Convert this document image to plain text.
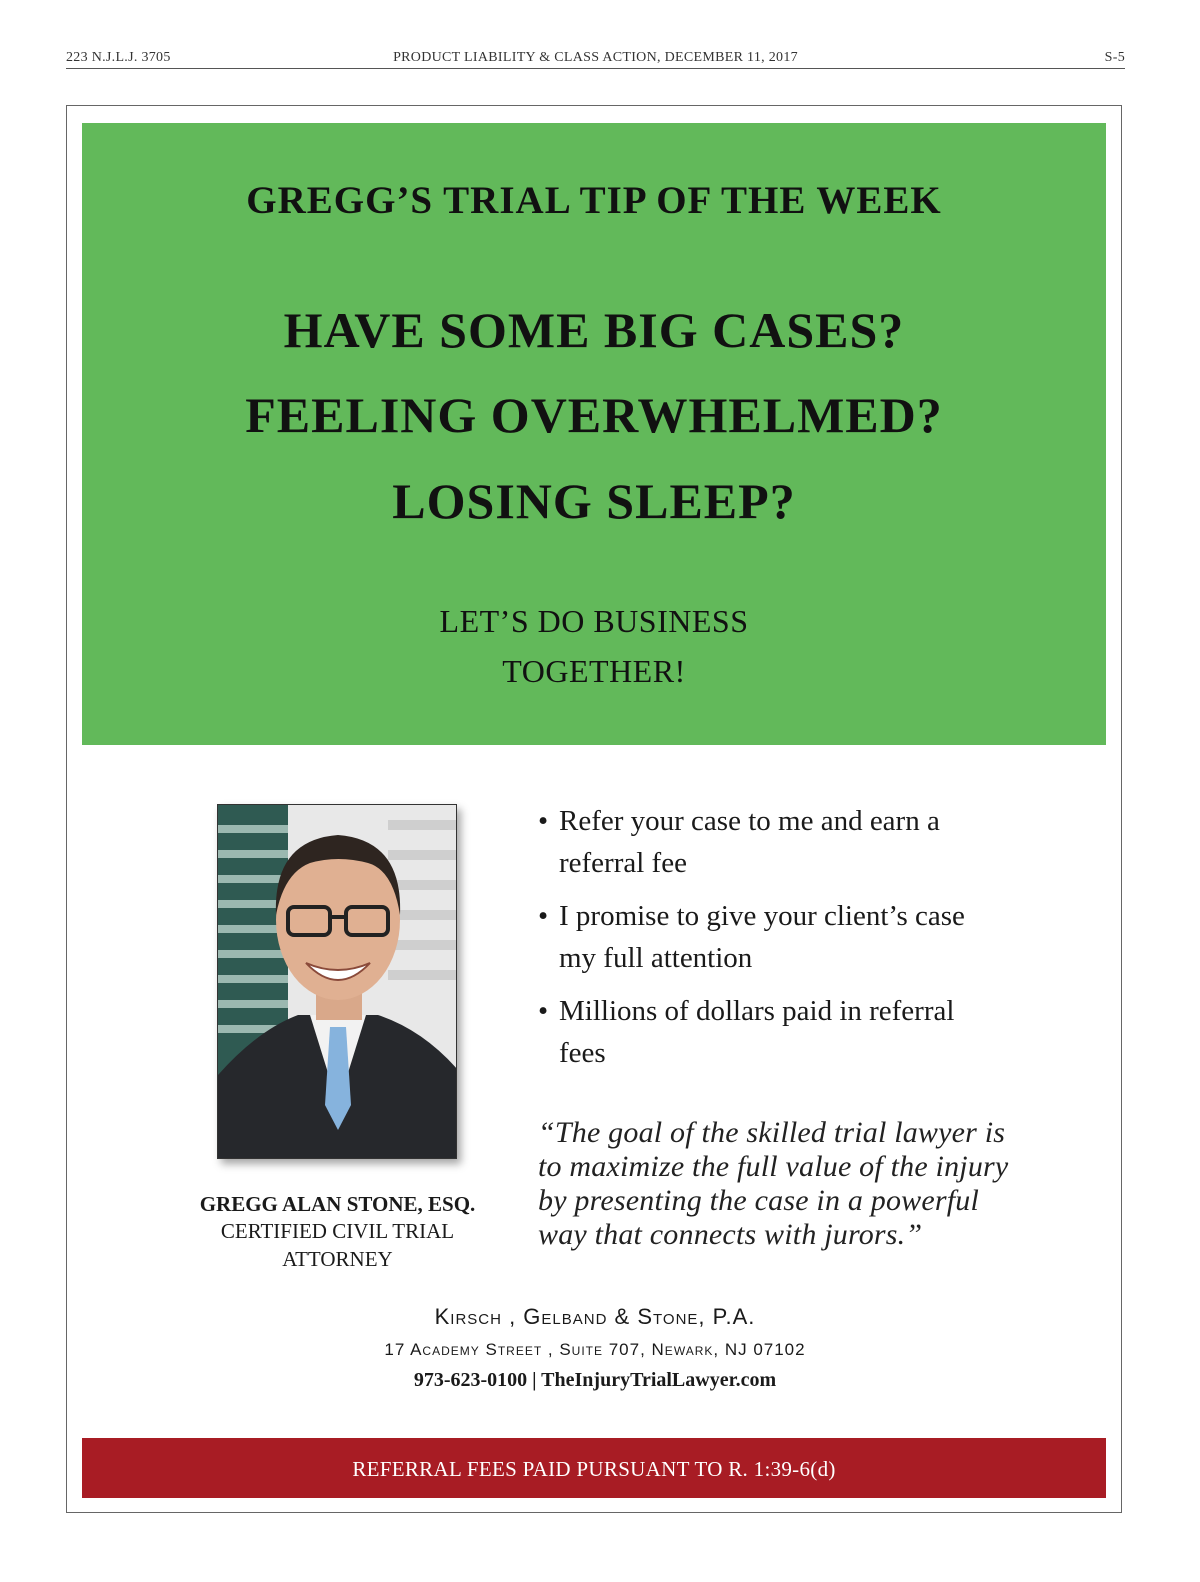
223 N.J.L.J. 3705	PRODUCT LIABILITY & CLASS ACTION, DECEMBER 11, 2017	S-5
GREGG’S TRIAL TIP OF THE WEEK
HAVE SOME BIG CASES?
FEELING OVERWHELMED?
LOSING SLEEP?
LET’S DO BUSINESS
TOGETHER!
GREGG ALAN STONE, ESQ.
CERTIFIED CIVIL TRIAL
ATTORNEY
• Refer your case to me and earn a referral fee
• I promise to give your client’s case my full attention
• Millions of dollars paid in referral fees
“The goal of the skilled trial lawyer is to maximize the full value of the injury by presenting the case in a powerful way that connects with jurors.”
Kirsch , Gelband & Stone, P.A.
17 Academy Street , Suite 707, Newark, NJ 07102
973-623-0100 | TheInjuryTrialLawyer.com
REFERRAL FEES PAID PURSUANT TO R. 1:39-6(d)
